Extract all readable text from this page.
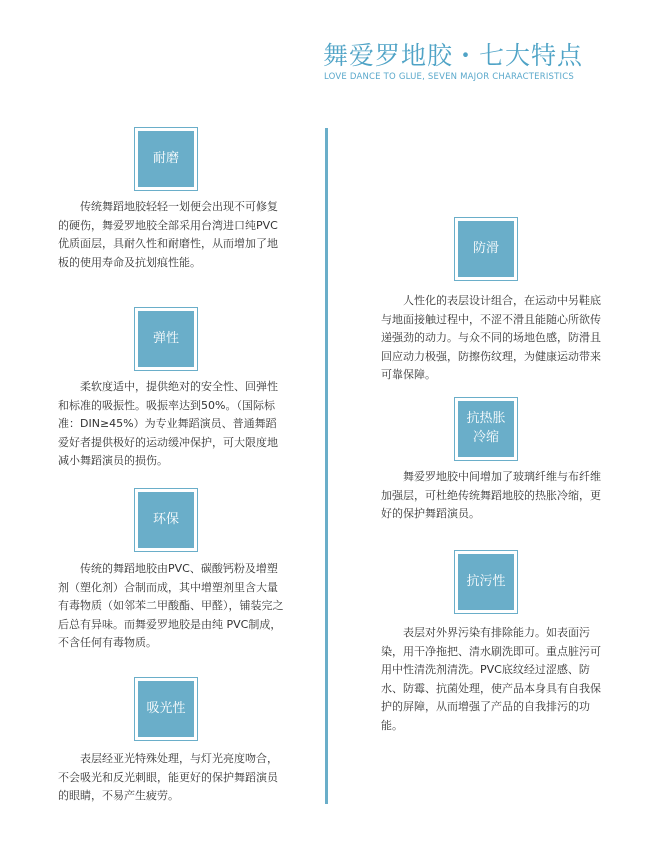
舞爱罗地胶・七大特点
LOVE DANCE TO GLUE, SEVEN MAJOR CHARACTERISTICS
耐磨
传统舞蹈地胶轻轻一划便会出现不可修复的硬伤，舞爱罗地胶全部采用台湾进口纯PVC优质面层，具耐久性和耐磨性，从而增加了地板的使用寿命及抗划痕性能。
弹性
柔软度适中，提供绝对的安全性、回弹性和标准的吸振性。吸振率达到50%。（国际标准：DIN≥45%）为专业舞蹈演员、普通舞蹈爱好者提供极好的运动缓冲保护，可大限度地减小舞蹈演员的损伤。
环保
传统的舞蹈地胶由PVC、碳酸钙粉及增塑剂（塑化剂）合制而成，其中增塑剂里含大量有毒物质（如邻苯二甲酸酯、甲醛），铺装完之后总有异味。而舞爱罗地胶是由纯 PVC制成，不含任何有毒物质。
吸光性
表层经亚光特殊处理，与灯光亮度吻合，不会吸光和反光刺眼，能更好的保护舞蹈演员的眼睛，不易产生疲劳。
防滑
人性化的表层设计组合，在运动中另鞋底与地面接触过程中，不涩不滑且能随心所欲传递强劲的动力。与众不同的场地色感，防滑且回应动力极强，防擦伤纹理，为健康运动带来可靠保障。
抗热胀冷缩
舞爱罗地胶中间增加了玻璃纤维与布纤维加强层，可杜绝传统舞蹈地胶的热胀冷缩，更好的保护舞蹈演员。
抗污性
表层对外界污染有排除能力。如表面污染，用干净拖把、清水刷洗即可。重点脏污可用中性清洗剂清洗。PVC底纹经过涩感、防水、防霉、抗菌处理，使产品本身具有自我保护的屏障，从而增强了产品的自我排污的功能。
